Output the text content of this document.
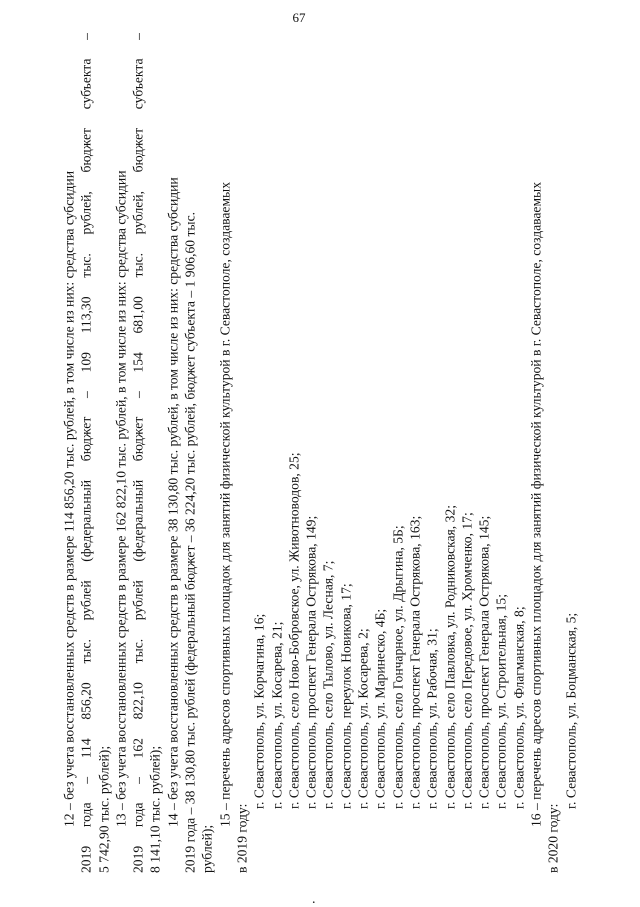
67
12 – без учета восстановленных средств в размере 114 856,20 тыс. рублей, в том числе из них: средства субсидии
2019
года
–
114
856,20
тыс.
рублей
(федеральный
бюджет
–
109
113,30
тыс.
рублей,
бюджет
субъекта
–
5 742,90 тыс. рублей); 13 – без учета восстановленных средств в размере 162 822,10 тыс. рублей, в том числе из них: средства субсидии
2019
года
–
162
822,10
тыс.
рублей
(федеральный
бюджет
–
154
681,00
тыс.
рублей,
бюджет
субъекта
–
8 141,10 тыс. рублей); 14 – без учета восстановленных средств в размере 38 130,80 тыс. рублей, в том числе из них: средства субсидии 2019 года – 38 130,80 тыс. рублей (федеральный бюджет – 36 224,20 тыс. рублей, бюджет субъекта – 1 906,60 тыс. рублей);
15 – перечень адресов спортивных площадок для занятий физической культурой в г. Севастополе, создаваемых
в 2019 году:
г. Севастополь, ул. Корчагина, 16; г. Севастополь, ул. Косарева, 21; г. Севастополь, село Ново-Бобровское, ул. Животноводов, 25; г. Севастополь, проспект Генерала Острякова, 149; г. Севастополь, село Тылово, ул. Лесная, 7; г. Севастополь, переулок Новикова, 17; г. Севастополь, ул. Косарева, 2; г. Севастополь, ул. Маринеско, 4Б; г. Севастополь, село Гончарное, ул. Дрыгина, 5Б; г. Севастополь, проспект Генерала Острякова, 163; г. Севастополь, ул. Рабочая, 31; г. Севастополь, село Павловка, ул. Родниковская, 32; г. Севастополь, село Передовое, ул. Хромченко, 17; г. Севастополь, проспект Генерала Острякова, 145; г. Севастополь, ул. Строительная, 15; г. Севастополь, ул. Флагманская, 8; 16 – перечень адресов спортивных площадок для занятий физической культурой в г. Севастополе, создаваемых
в 2020 году:
г. Севастополь, ул. Боцманская, 5;
.
